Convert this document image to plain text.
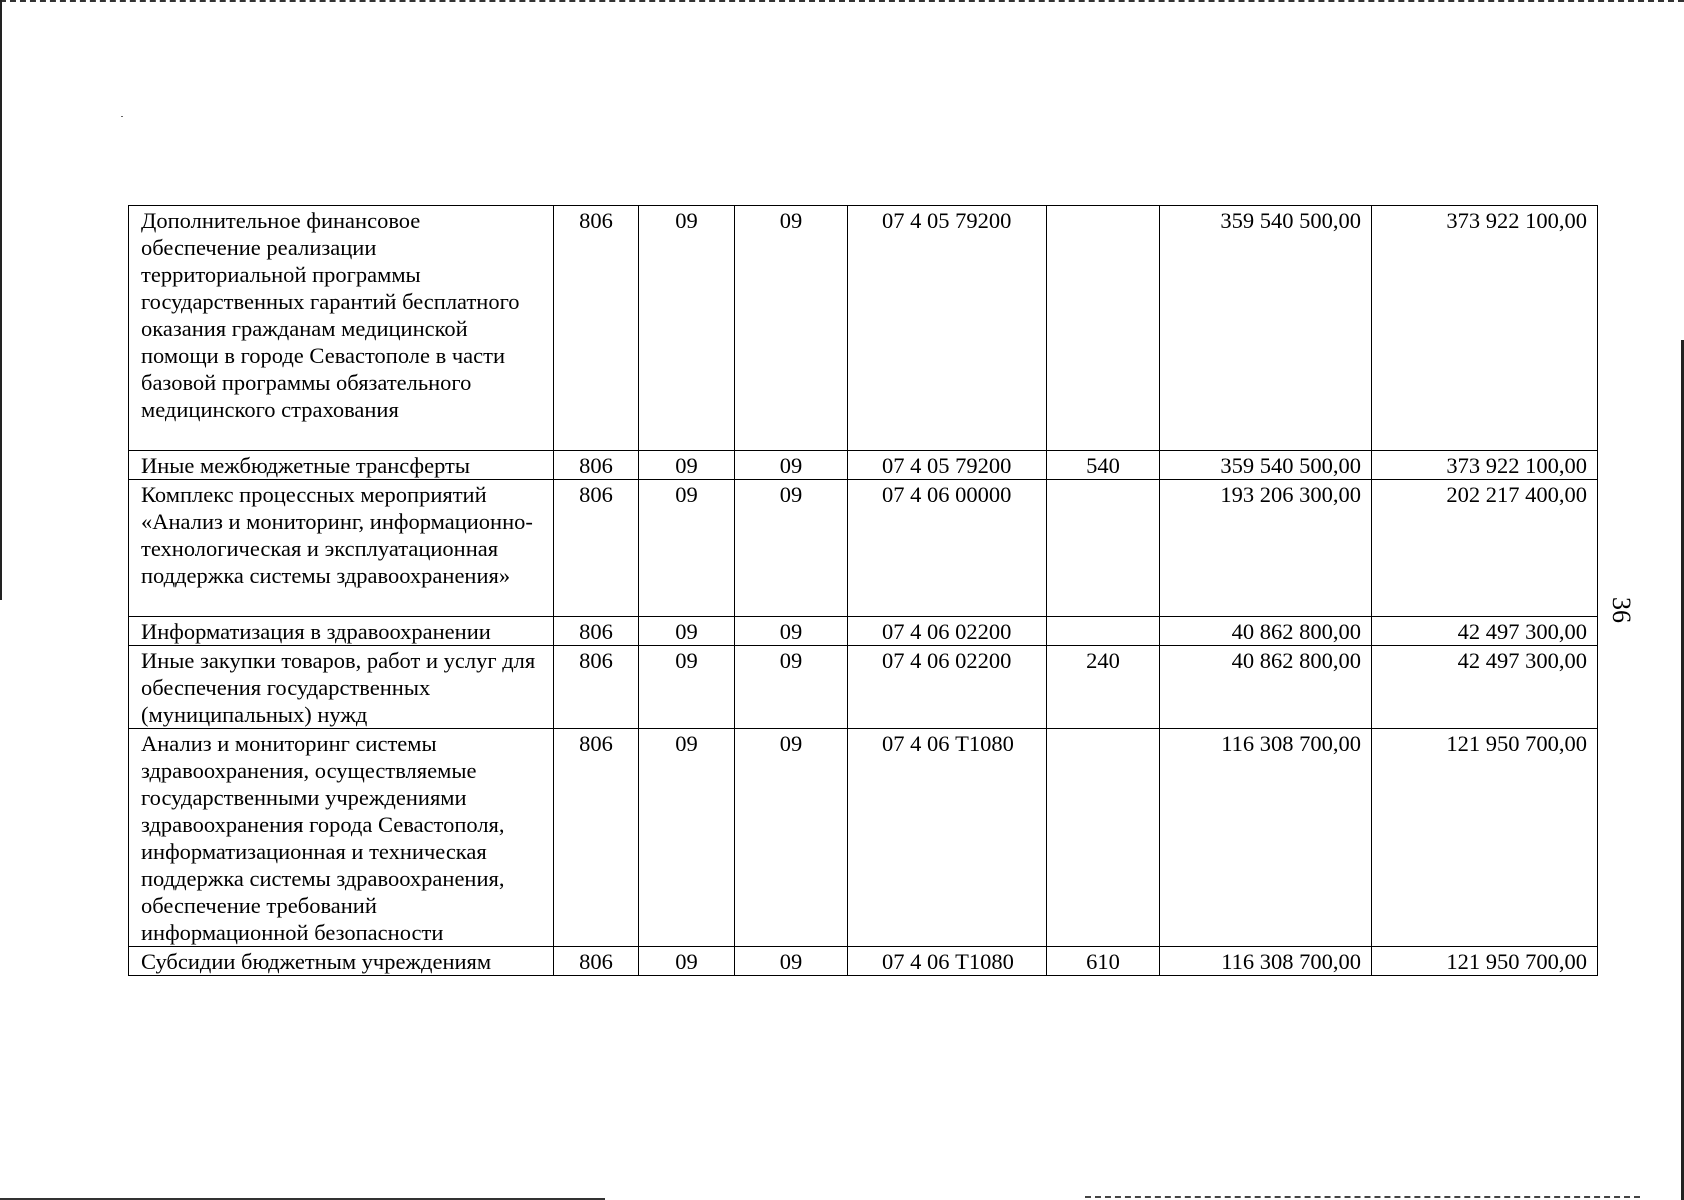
Дополнительное финансовое обеспечение реализации территориальной программы государственных гарантий бесплатного оказания гражданам медицинской помощи в городе Севастополе в части базовой программы обязательного медицинского страхования	806	09	09	07 4 05 79200		359 540 500,00	373 922 100,00
Иные межбюджетные трансферты	806	09	09	07 4 05 79200	540	359 540 500,00	373 922 100,00
Комплекс процессных мероприятий «Анализ и мониторинг, информационно-технологическая и эксплуатационная поддержка системы здравоохранения»	806	09	09	07 4 06 00000		193 206 300,00	202 217 400,00
Информатизация в здравоохранении	806	09	09	07 4 06 02200		40 862 800,00	42 497 300,00
Иные закупки товаров, работ и услуг для обеспечения государственных (муниципальных) нужд	806	09	09	07 4 06 02200	240	40 862 800,00	42 497 300,00
Анализ и мониторинг системы здравоохранения, осуществляемые государственными учреждениями здравоохранения города Севастополя, информатизационная и техническая поддержка системы здравоохранения, обеспечение требований информационной безопасности	806	09	09	07 4 06 Т1080		116 308 700,00	121 950 700,00
Субсидии бюджетным учреждениям	806	09	09	07 4 06 Т1080	610	116 308 700,00	121 950 700,00
36
